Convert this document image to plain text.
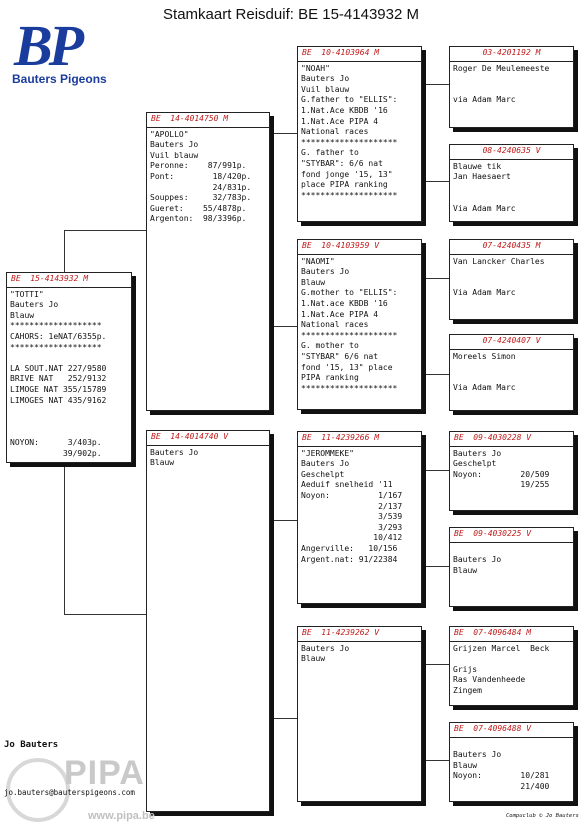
Stamkaart Reisduif: BE 15-4143932 M
BP
Bauters Pigeons
BE  15-4143932 M
"TOTTI"
Bauters Jo
Blauw
*******************
CAHORS: 1eNAT/6355p.
*******************

LA SOUT.NAT 227/9580
BRIVE NAT   252/9132
LIMOGE NAT 355/15789
LIMOGES NAT 435/9162

NOYON:      3/403p.
39/902p.
BE  14-4014750 M
"APOLLO"
Bauters Jo
Vuil blauw
Peronne:    87/991p.
Pont:        18/420p.
24/831p.
Souppes:     32/783p.
Gueret:    55/4878p.
Argenton:  98/3396p.
BE  14-4014740 V
Bauters Jo
Blauw
BE  10-4103964 M
"NOAH"
Bauters Jo
Vuil blauw
G.father to "ELLIS":
1.Nat.Ace KBDB '16
1.Nat.Ace PIPA 4
National races
********************
G. father to
"STYBAR": 6/6 nat
fond jonge '15, 13"
place PIPA ranking
********************
BE  10-4103959 V
"NAOMI"
Bauters Jo
Blauw
G.mother to "ELLIS":
1.Nat.ace KBDB '16
1.Nat.Ace PIPA 4
National races
********************
G. mother to
"STYBAR" 6/6 nat
fond '15, 13" place
PIPA ranking
********************
BE  11-4239266 M
"JEROMMEKE"
Bauters Jo
Geschelpt
Aeduif snelheid '11
Noyon:          1/167
2/137
3/539
3/293
10/412
Angerville:   10/156
Argent.nat: 91/22384
BE  11-4239262 V
Bauters Jo
Blauw
03-4201192 M
Roger De Meulemeeste

via Adam Marc
08-4240635 V
Blauwe tik
Jan Haesaert

Via Adam Marc
07-4240435 M
Van Lancker Charles

Via Adam Marc
07-4240407 V
Moreels Simon

Via Adam Marc
BE  09-4030228 V
Bauters Jo
Geschelpt
Noyon:        20/509
19/255
BE  09-4030225 V

Bauters Jo
Blauw
BE  07-4096484 M
Grijzen Marcel  Beck

Grijs
Ras Vandenheede
Zingem
BE  07-4096488 V

Bauters Jo
Blauw
Noyon:        10/281
21/400
PIPA
www.pipa.be
Jo Bauters
jo.bauters@bauterspigeons.com
Compuclub © Jo Bauters
